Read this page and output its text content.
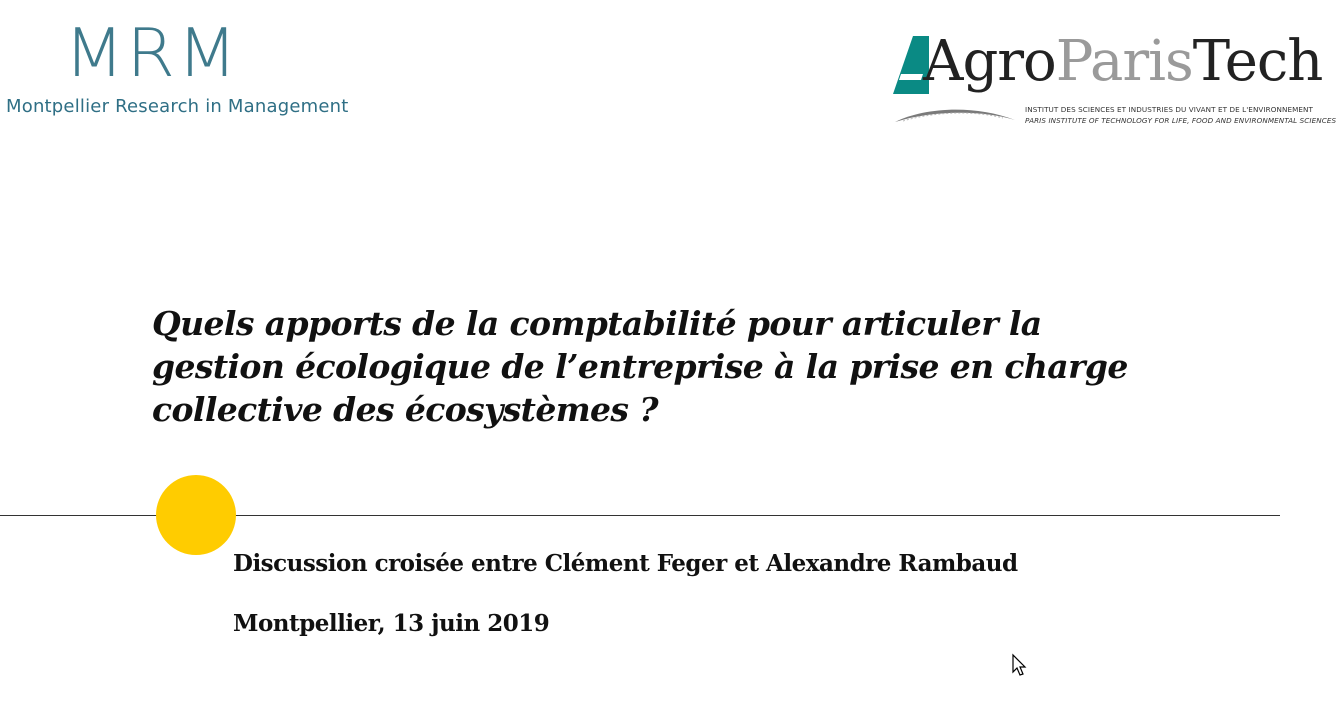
MRM
Montpellier Research in Management
AgroParisTech
INSTITUT DES SCIENCES ET INDUSTRIES DU VIVANT ET DE L'ENVIRONNEMENT
PARIS INSTITUTE OF TECHNOLOGY FOR LIFE, FOOD AND ENVIRONMENTAL SCIENCES
Quels apports de la comptabilité pour articuler la gestion écologique de l’entreprise à la prise en charge collective des écosystèmes ?

Discussion croisée entre Clément Feger et Alexandre Rambaud

Montpellier, 13 juin 2019
